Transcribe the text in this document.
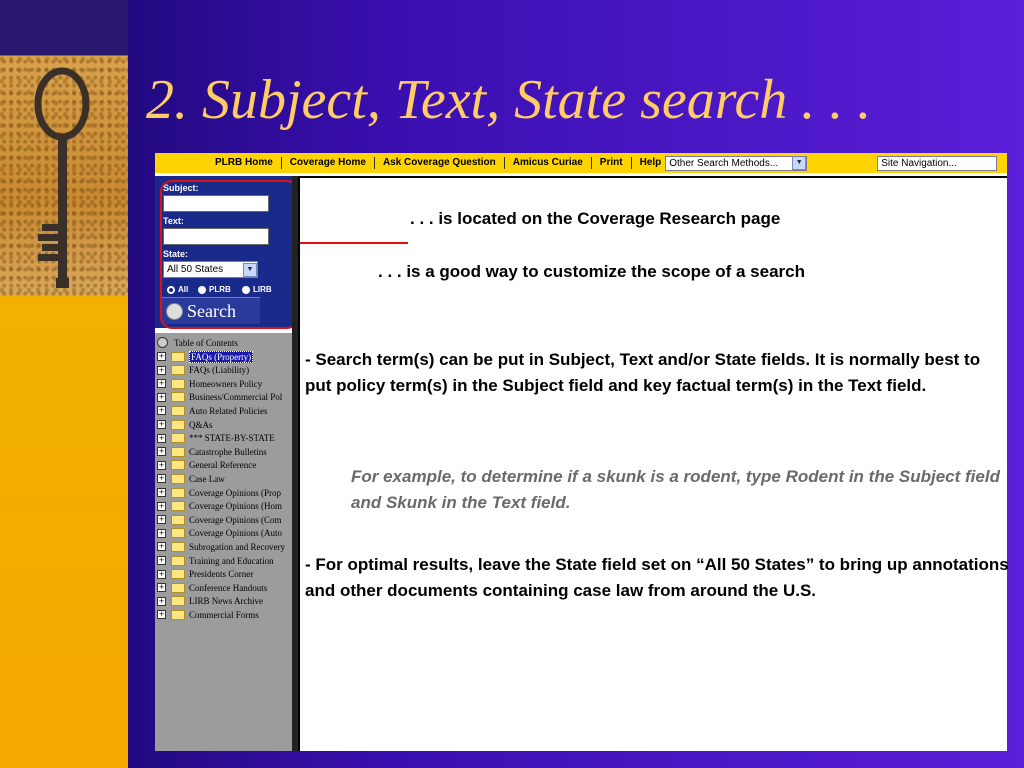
2. Subject, Text, State search . . .
PLRB Home	Coverage Home	Ask Coverage Question	Amicus Curiae	Print	Help Other Search Methods...	▼	Site Navigation...
Subject:
Text:
State:
All 50 States	▼
All	PLRB	LIRB
Search
Table of Contents
+	FAQs (Property)
+	FAQs (Liability)
+	Homeowners Policy
+	Business/Commercial Pol
+	Auto Related Policies
+	Q&As
+	*** STATE-BY-STATE
+	Catastrophe Bulletins
+	General Reference
+	Case Law
+	Coverage Opinions (Prop
+	Coverage Opinions (Hom
+	Coverage Opinions (Com
+	Coverage Opinions (Auto
+	Subrogation and Recovery
+	Training and Education
+	Presidents Corner
+	Conference Handouts
+	LIRB News Archive
+	Commercial Forms
. . . is located on the Coverage Research page
. . . is a good way to customize the scope of a search
- Search term(s) can be put in Subject, Text and/or State fields. It is normally best to put policy term(s) in the Subject field and key factual term(s) in the Text field.
For example, to determine if a skunk is a rodent, type Rodent in the Subject field and Skunk in the Text field.
- For optimal results, leave the State field set on “All 50 States” to bring up annotations and other documents containing case law from around the U.S.
